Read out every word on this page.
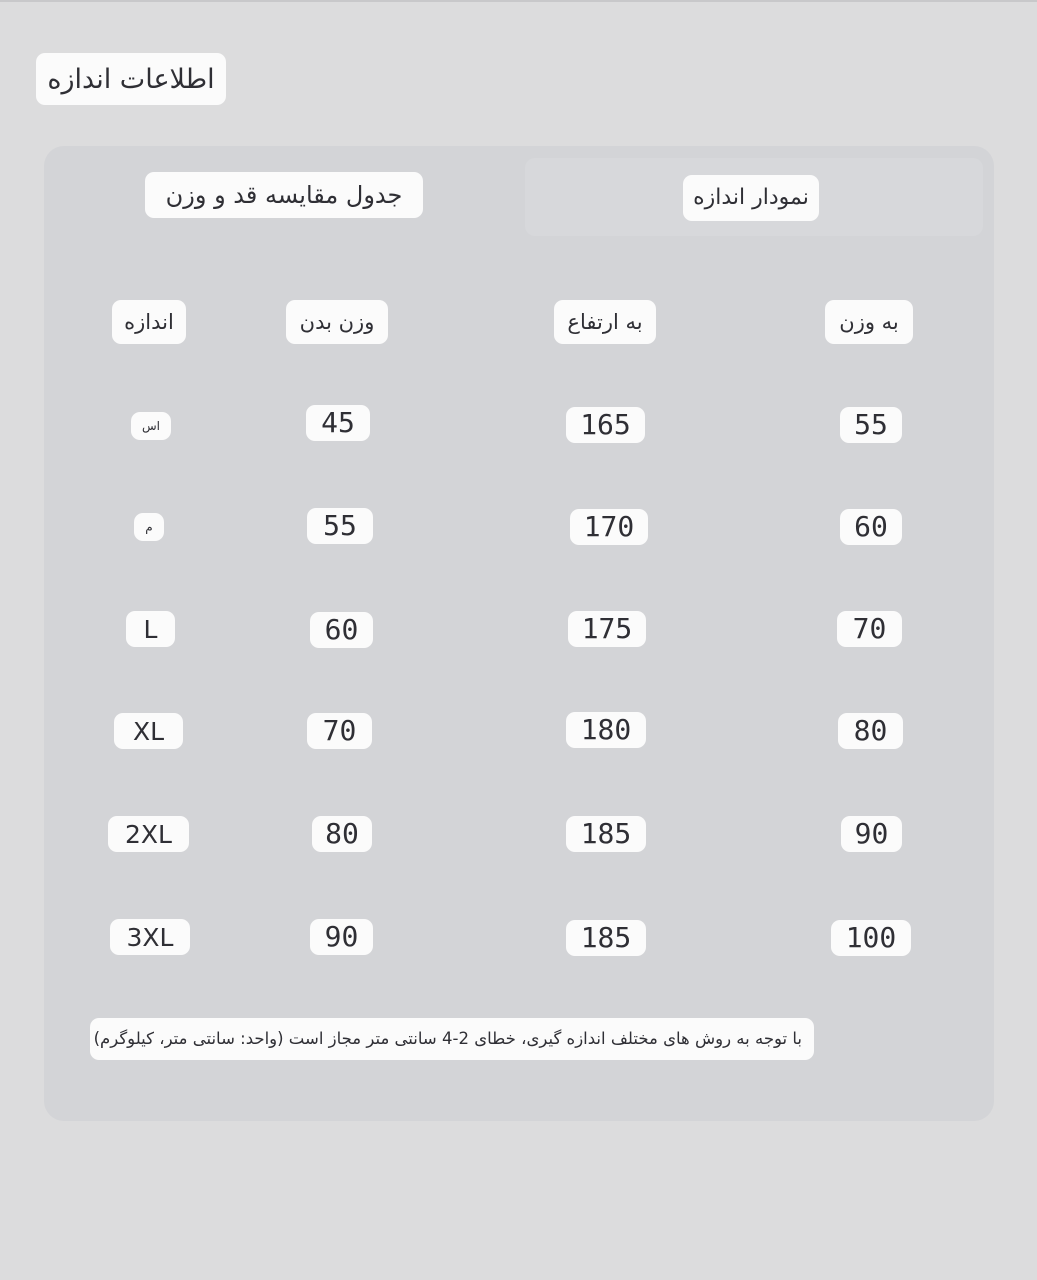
اطلاعات اندازه
نمودار اندازه
جدول مقایسه قد و وزن
به وزن
به ارتفاع
وزن بدن
اندازه
55
165
45
اس
60
170
55
م
70
175
60
L
80
180
70
XL
90
185
80
2XL
100
185
90
3XL
با توجه به روش های مختلف اندازه گیری، خطای 2-4 سانتی متر مجاز است (واحد: سانتی متر، کیلوگرم)
